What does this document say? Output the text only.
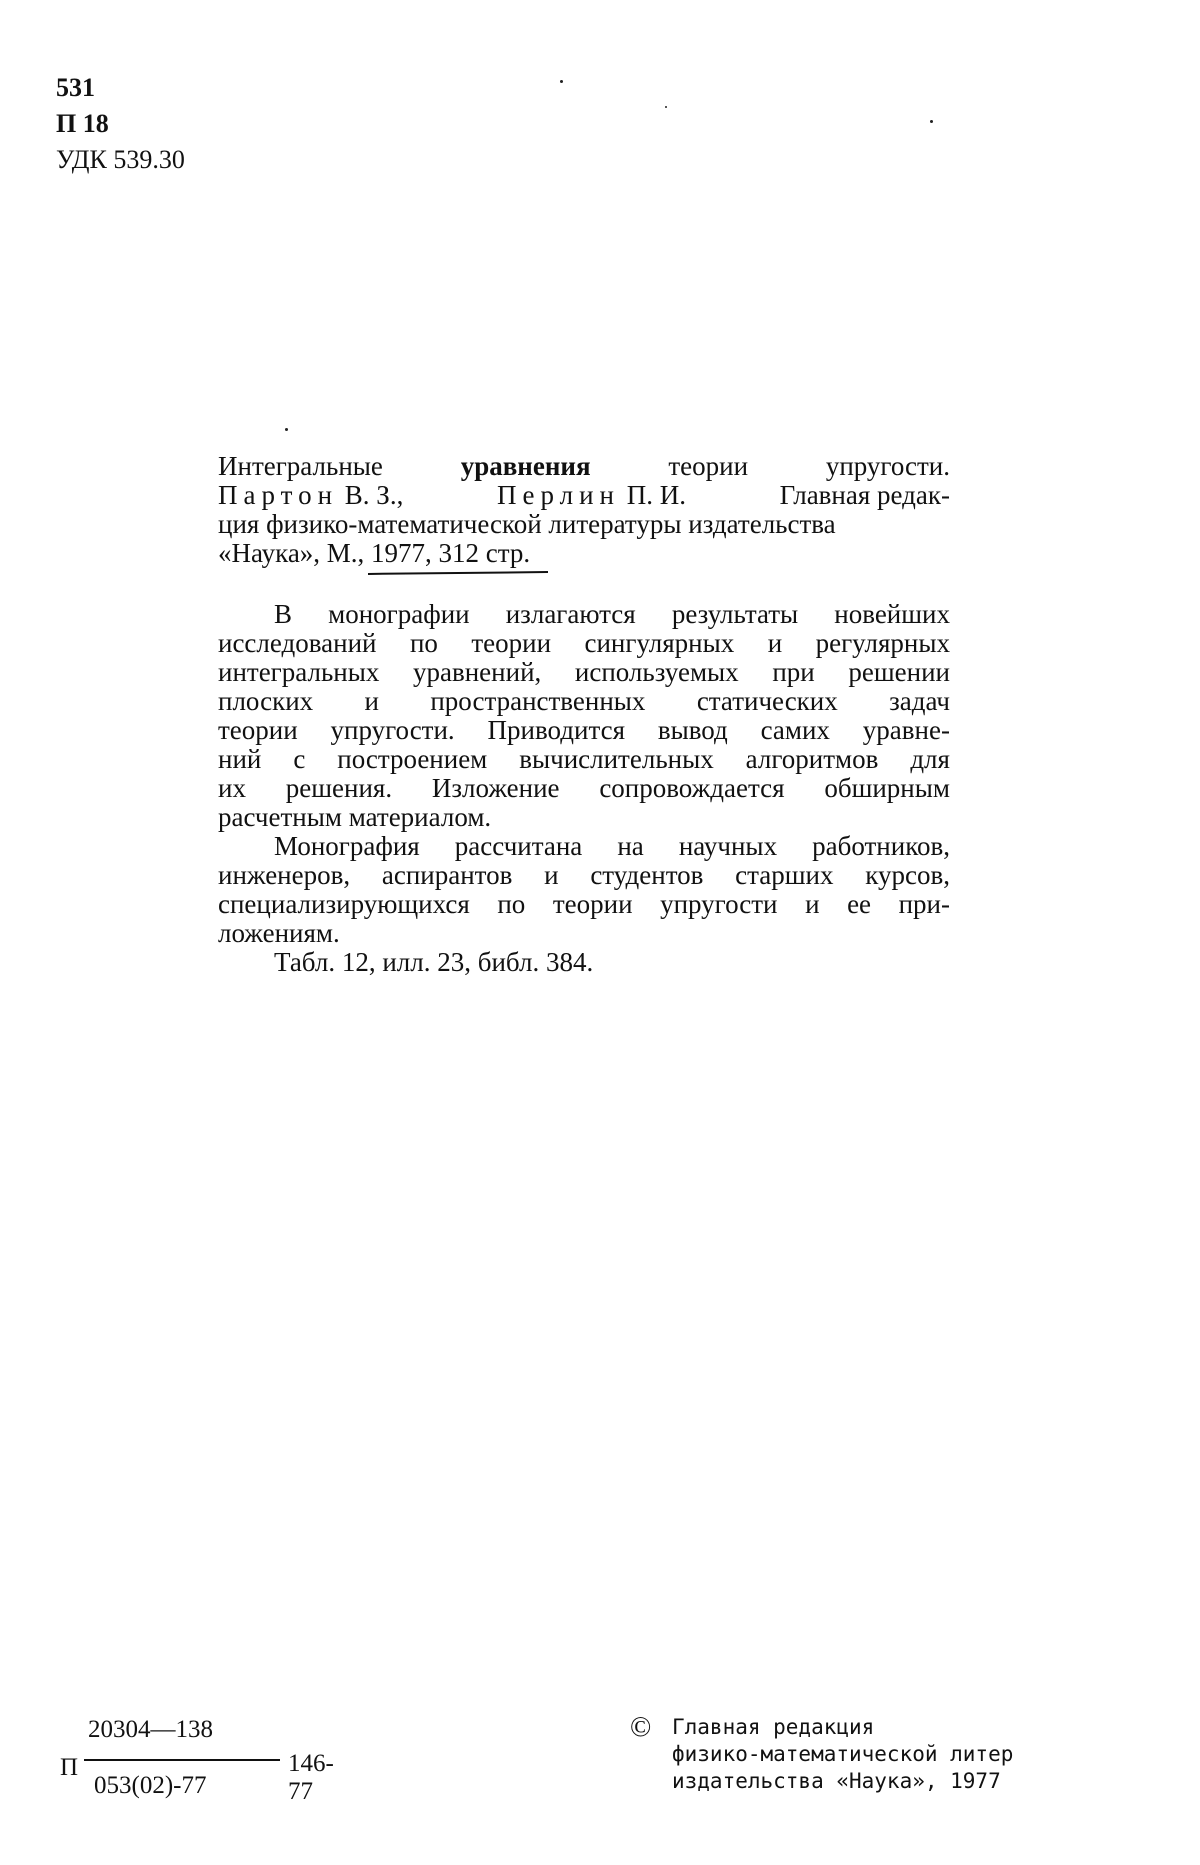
531
П 18
УДК 539.30
Интегральные	уравнения	теории	упругости.
Партон В. З.,	Перлин П. И.	Главная редак-
ция физико-математической литературы издательства
«Наука», М., 1977, 312 стр.

В монографии излагаются результаты новейших
исследований по теории сингулярных и регулярных
интегральных уравнений, используемых при решении
плоских и пространственных статических задач
теории упругости. Приводится вывод самих уравне-
ний с построением вычислительных алгоритмов для
их решения. Изложение сопровождается обширным
расчетным материалом.

Монография рассчитана на научных работников,
инженеров, аспирантов и студентов старших курсов,
специализирующихся по теории упругости и ее при-
ложениям.

Табл. 12, илл. 23, библ. 384.

П
20304—138
053(02)-77
146-77
© Главная редакция
физико-математической литер
издательства «Наука», 1977
